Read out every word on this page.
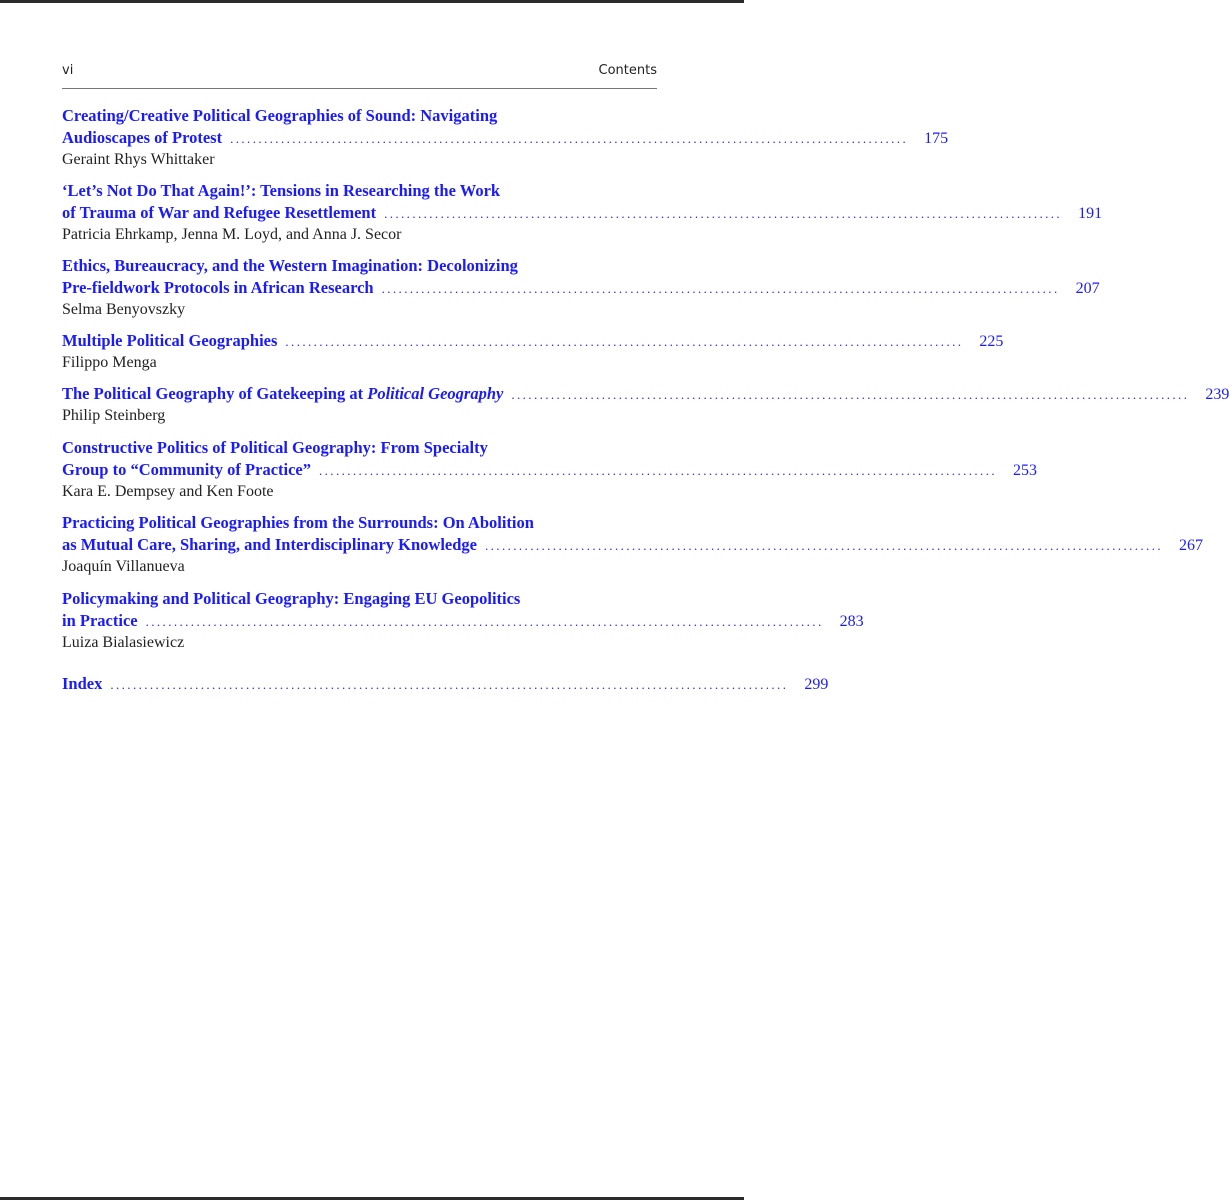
vi	Contents
Creating/Creative Political Geographies of Sound: Navigating
Audioscapes of Protest ........................................................................................................................	175
Geraint Rhys Whittaker
‘Let’s Not Do That Again!’: Tensions in Researching the Work
of Trauma of War and Refugee Resettlement ........................................................................................................................	191
Patricia Ehrkamp, Jenna M. Loyd, and Anna J. Secor
Ethics, Bureaucracy, and the Western Imagination: Decolonizing
Pre-fieldwork Protocols in African Research ........................................................................................................................	207
Selma Benyovszky
Multiple Political Geographies ........................................................................................................................	225
Filippo Menga
The Political Geography of Gatekeeping at Political Geography ........................................................................................................................	239
Philip Steinberg
Constructive Politics of Political Geography: From Specialty
Group to “Community of Practice” ........................................................................................................................	253
Kara E. Dempsey and Ken Foote
Practicing Political Geographies from the Surrounds: On Abolition
as Mutual Care, Sharing, and Interdisciplinary Knowledge ........................................................................................................................	267
Joaquín Villanueva
Policymaking and Political Geography: Engaging EU Geopolitics
in Practice ........................................................................................................................	283
Luiza Bialasiewicz
Index ........................................................................................................................	299
